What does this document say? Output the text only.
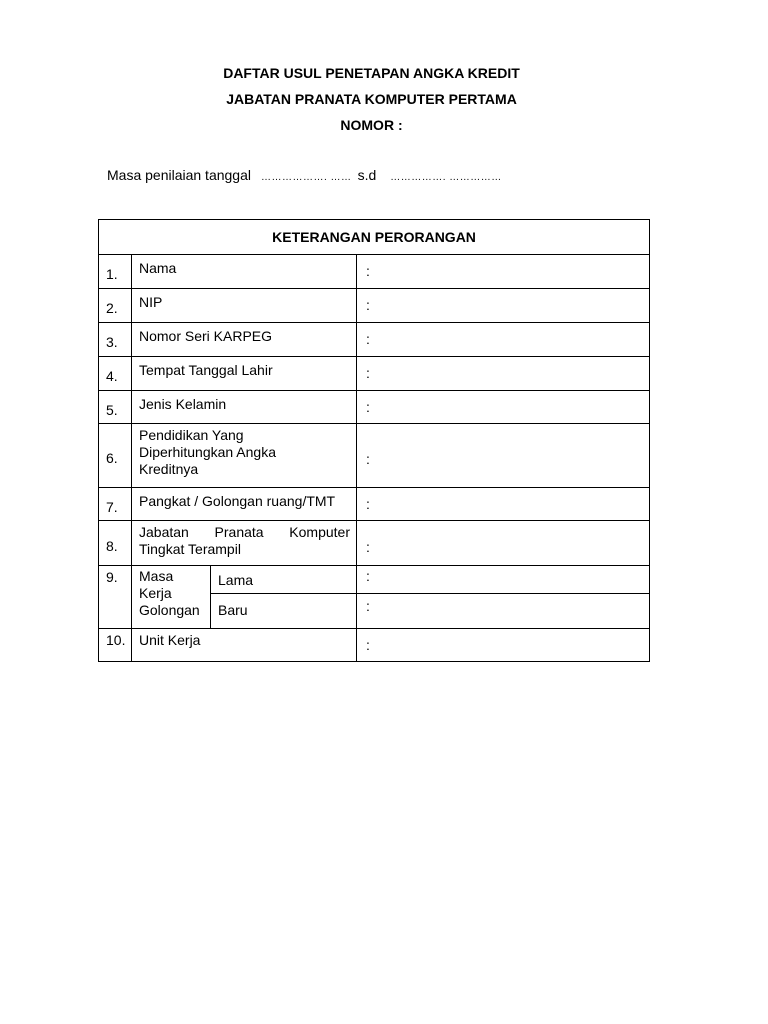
DAFTAR USUL PENETAPAN ANGKA KREDIT
JABATAN PRANATA KOMPUTER PERTAMA
NOMOR :
Masa penilaian tanggal ………………. …… s.d ……………. ……………
KETERANGAN PERORANGAN			
1.	Nama		:
2.	NIP		:
3.	Nomor Seri KARPEG		:
4.	Tempat Tanggal Lahir		:
5.	Jenis Kelamin		:
6.	Pendidikan Yang Diperhitungkan Angka Kreditnya		:
7.	Pangkat / Golongan ruang/TMT		:
8.	Jabatan Pranata Komputer Tingkat Terampil		:
9.	Masa Kerja Golongan	Lama	:
		Baru	:
10.	Unit Kerja		:
